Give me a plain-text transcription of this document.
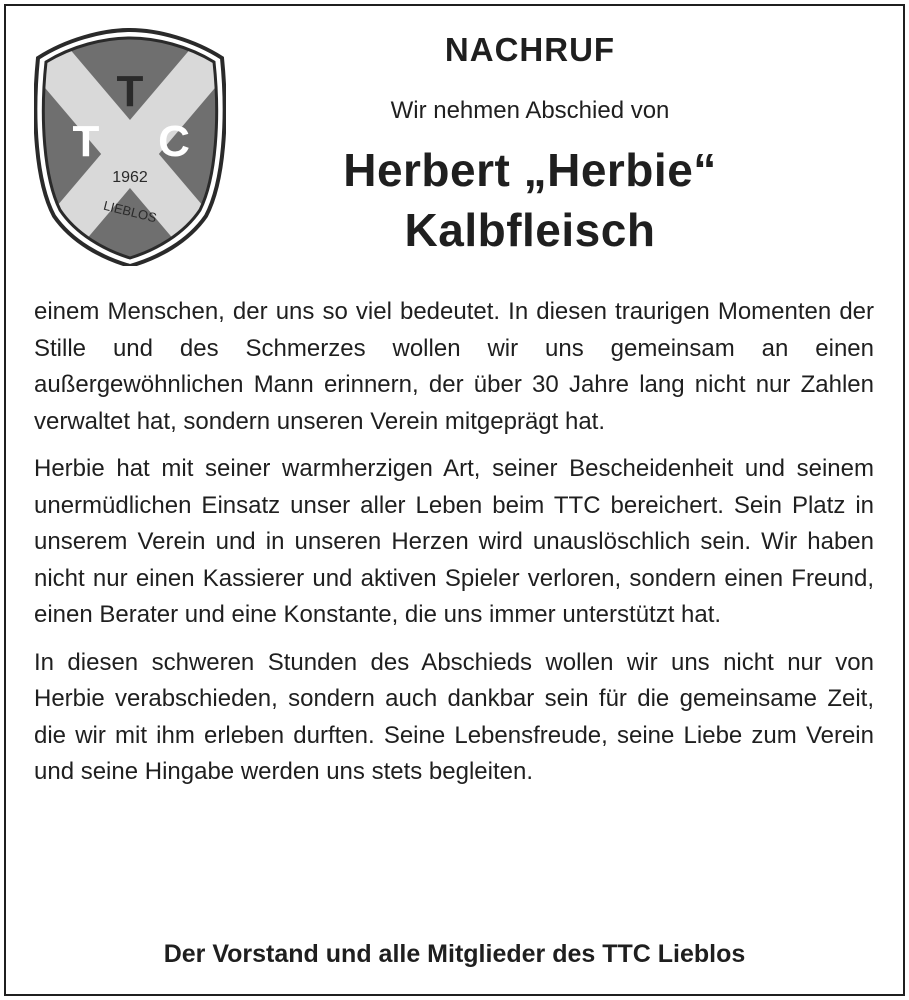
T
T C
1962
LIEBLOS
NACHRUF
Wir nehmen Abschied von
Herbert „Herbie“
Kalbfleisch

einem Menschen, der uns so viel bedeutet. In diesen traurigen Momenten der Stille und des Schmerzes wollen wir uns gemeinsam an einen außergewöhnlichen Mann erinnern, der über 30 Jahre lang nicht nur Zahlen verwaltet hat, sondern unseren Verein mitgeprägt hat.

Herbie hat mit seiner warmherzigen Art, seiner Bescheidenheit und seinem unermüdlichen Einsatz unser aller Leben beim TTC bereichert. Sein Platz in unserem Verein und in unseren Herzen wird unauslöschlich sein. Wir haben nicht nur einen Kassierer und aktiven Spieler verloren, sondern einen Freund, einen Berater und eine Konstante, die uns immer unterstützt hat.

In diesen schweren Stunden des Abschieds wollen wir uns nicht nur von Herbie verabschieden, sondern auch dankbar sein für die gemeinsame Zeit, die wir mit ihm erleben durften. Seine Lebensfreude, seine Liebe zum Verein und seine Hingabe werden uns stets begleiten.

Der Vorstand und alle Mitglieder des TTC Lieblos
